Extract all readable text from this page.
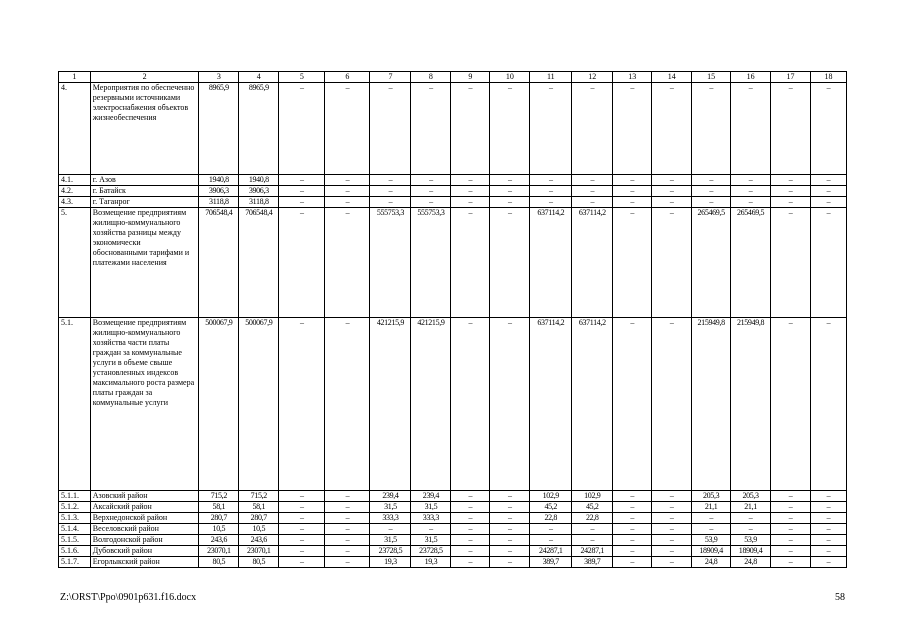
1	2	3	4	5	6	7	8	9	10	11	12	13	14	15	16	17	18
4.	Мероприятия по обеспеченно резервными источниками электроснабжения объектов жизнеобеспечения	8965,9	8965,9	–	–	–	–	–	–	–	–	–	–	–	–	–	–
4.1.	г. Азов	1940,8	1940,8	–	–	–	–	–	–	–	–	–	–	–	–	–	–
4.2.	г. Батайск	3906,3	3906,3	–	–	–	–	–	–	–	–	–	–	–	–	–	–
4.3.	г. Таганрог	3118,8	3118,8	–	–	–	–	–	–	–	–	–	–	–	–	–	–
5.	Возмещение предприятиям жилищно-коммунального хозяйства разницы между экономически обоснованными тарифами и платежами населения	706548,4	706548,4	–	–	555753,3	555753,3	–	–	637114,2	637114,2	–	–	265469,5	265469,5	–	–
5.1.	Возмещение предприятиям жилищно-коммунального хозяйства части платы граждан за коммунальные услуги в объеме свыше установленных индексов максимального роста размера платы граждан за коммунальные услуги	500067,9	500067,9	–	–	421215,9	421215,9	–	–	637114,2	637114,2	–	–	215949,8	215949,8	–	–
5.1.1.	Азовский район	715,2	715,2	–	–	239,4	239,4	–	–	102,9	102,9	–	–	205,3	205,3	–	–
5.1.2.	Аксайский район	58,1	58,1	–	–	31,5	31,5	–	–	45,2	45,2	–	–	21,1	21,1	–	–
5.1.3.	Верхнедонской район	280,7	280,7	–	–	333,3	333,3	–	–	22,8	22,8	–	–	–	–	–	–
5.1.4.	Веселовский район	10,5	10,5	–	–	–	–	–	–	–	–	–	–	–	–	–	–
5.1.5.	Волгодонской район	243,6	243,6	–	–	31,5	31,5	–	–	–	–	–	–	53,9	53,9	–	–
5.1.6.	Дубовский район	23070,1	23070,1	–	–	23728,5	23728,5	–	–	24287,1	24287,1	–	–	18909,4	18909,4	–	–
5.1.7.	Егорлыкский район	80,5	80,5	–	–	19,3	19,3	–	–	389,7	389,7	–	–	24,8	24,8	–	–
Z:\ORST\Ppo\0901p631.f16.docx	58
